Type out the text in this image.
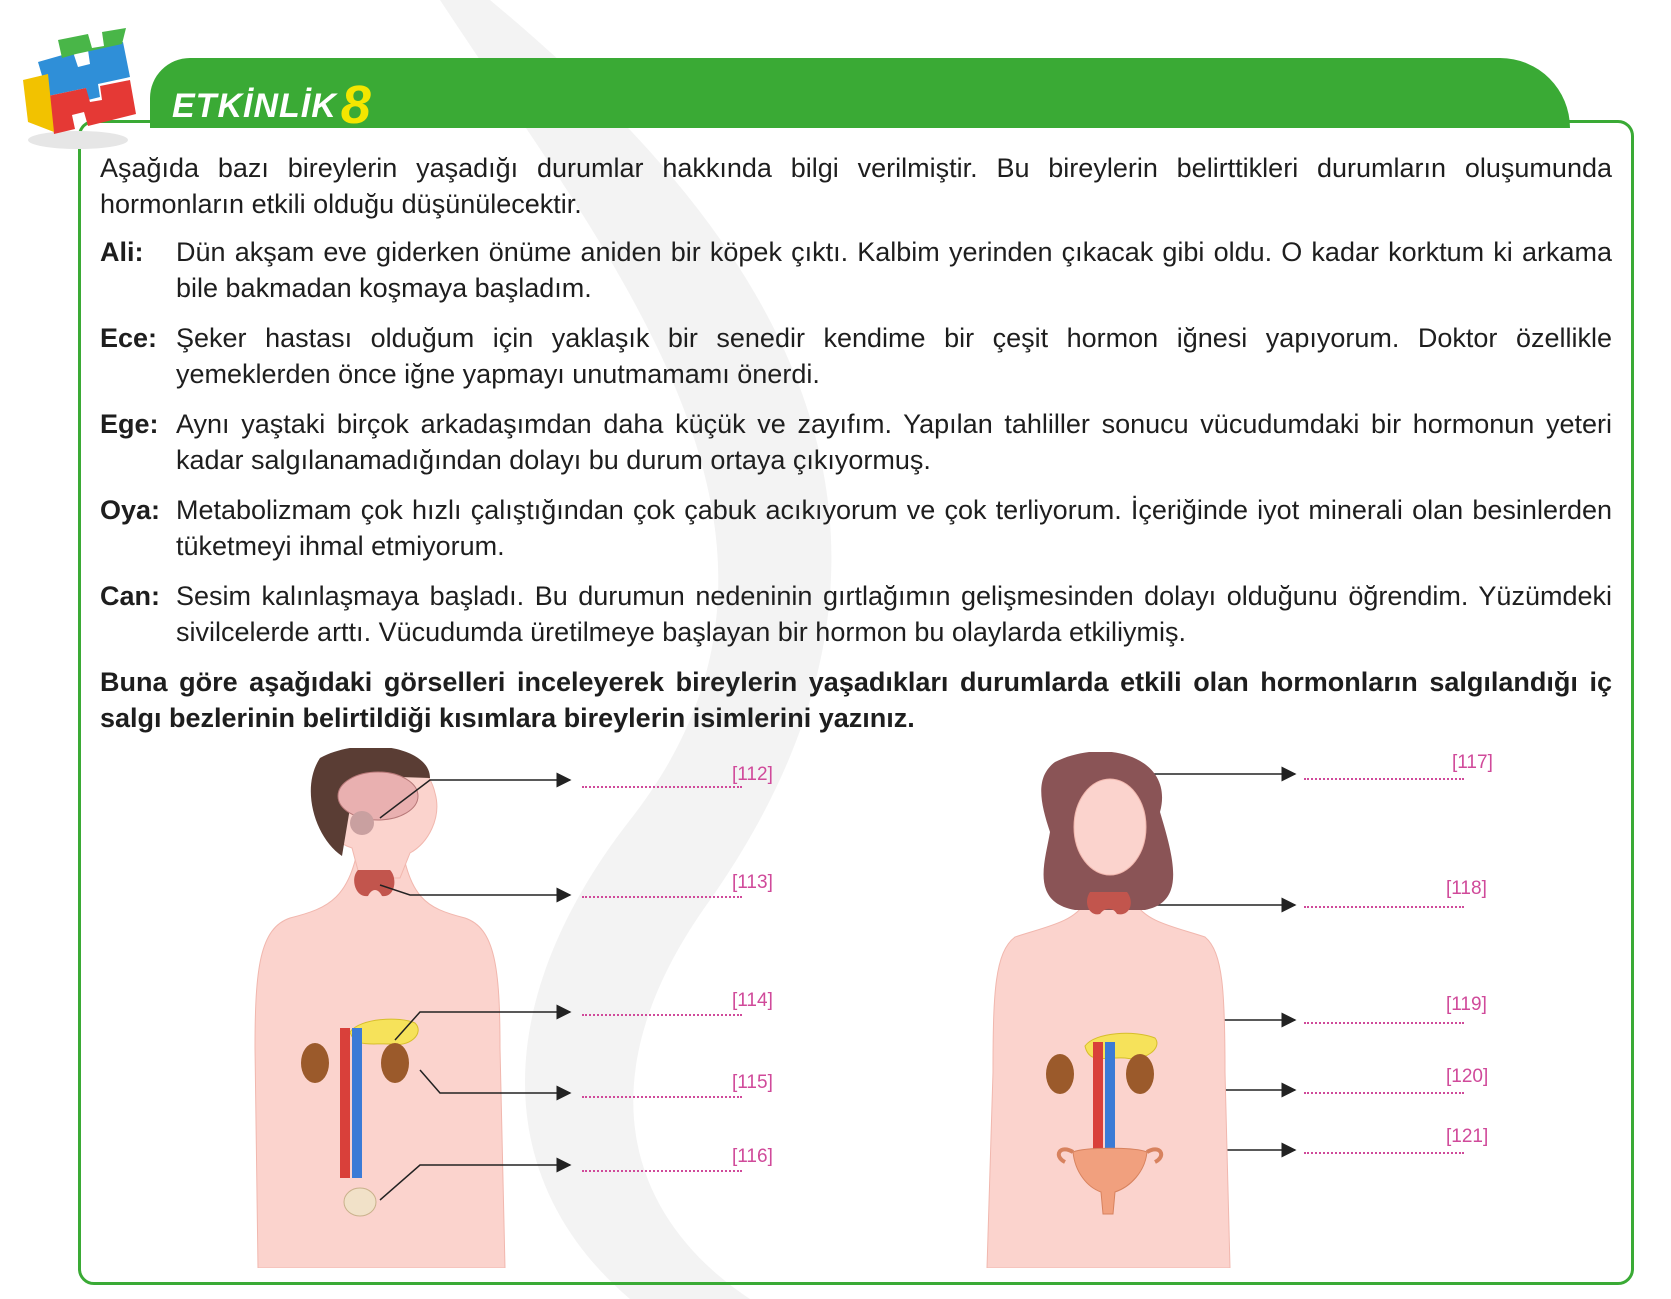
ETKİNLİK8
Aşağıda bazı bireylerin yaşadığı durumlar hakkında bilgi verilmiştir. Bu bireylerin belirttikleri durumların oluşumunda hormonların etkili olduğu düşünülecektir.
Ali:	Dün akşam eve giderken önüme aniden bir köpek çıktı. Kalbim yerinden çıkacak gibi oldu. O kadar korktum ki arkama bile bakmadan koşmaya başladım.
Ece: Şeker hastası olduğum için yaklaşık bir senedir kendime bir çeşit hormon iğnesi yapıyorum. Doktor özellikle yemeklerden önce iğne yapmayı unutmamamı önerdi.
Ege: Aynı yaştaki birçok arkadaşımdan daha küçük ve zayıfım. Yapılan tahliller sonucu vücudumdaki bir hormonun yeteri kadar salgılanamadığından dolayı bu durum ortaya çıkıyormuş.
Oya: Metabolizmam çok hızlı çalıştığından çok çabuk acıkıyorum ve çok terliyorum. İçeriğinde iyot minerali olan besinlerden tüketmeyi ihmal etmiyorum.
Can: Sesim kalınlaşmaya başladı. Bu durumun nedeninin gırtlağımın gelişmesinden dolayı olduğunu öğrendim. Yüzümdeki sivilcelerde arttı. Vücudumda üretilmeye başlayan bir hormon bu olaylarda etkiliymiş.
Buna göre aşağıdaki görselleri inceleyerek bireylerin yaşadıkları durumlarda etkili olan hormonların salgılandığı iç salgı bezlerinin belirtildiği kısımlara bireylerin isimlerini yazınız.
[112]
[113]
[114]
[115]
[116]
[117]
[118]
[119]
[120]
[121]
